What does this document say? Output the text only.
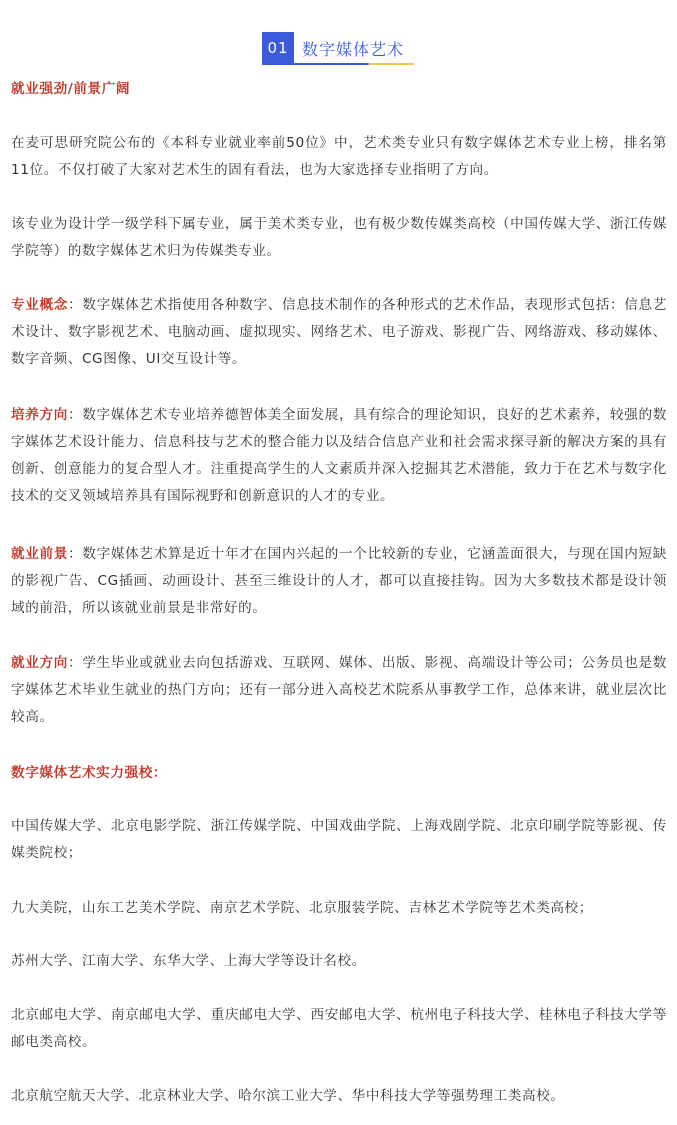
01 数字媒体艺术
就业强劲/前景广阔

在麦可思研究院公布的《本科专业就业率前50位》中，艺术类专业只有数字媒体艺术专业上榜，排名第11位。不仅打破了大家对艺术生的固有看法，也为大家选择专业指明了方向。

该专业为设计学一级学科下属专业，属于美术类专业，也有极少数传媒类高校（中国传媒大学、浙江传媒学院等）的数字媒体艺术归为传媒类专业。

专业概念：数字媒体艺术指使用各种数字、信息技术制作的各种形式的艺术作品，表现形式包括：信息艺术设计、数字影视艺术、电脑动画、虚拟现实、网络艺术、电子游戏、影视广告、网络游戏、移动媒体、数字音频、CG图像、UI交互设计等。

培养方向：数字媒体艺术专业培养德智体美全面发展，具有综合的理论知识，良好的艺术素养，较强的数字媒体艺术设计能力、信息科技与艺术的整合能力以及结合信息产业和社会需求探寻新的解决方案的具有创新、创意能力的复合型人才。注重提高学生的人文素质并深入挖掘其艺术潜能，致力于在艺术与数字化技术的交叉领域培养具有国际视野和创新意识的人才的专业。

就业前景：数字媒体艺术算是近十年才在国内兴起的一个比较新的专业，它涵盖面很大，与现在国内短缺的影视广告、CG插画、动画设计、甚至三维设计的人才，都可以直接挂钩。因为大多数技术都是设计领域的前沿，所以该就业前景是非常好的。

就业方向：学生毕业或就业去向包括游戏、互联网、媒体、出版、影视、高端设计等公司；公务员也是数字媒体艺术毕业生就业的热门方向；还有一部分进入高校艺术院系从事教学工作，总体来讲，就业层次比较高。

数字媒体艺术实力强校：

中国传媒大学、北京电影学院、浙江传媒学院、中国戏曲学院、上海戏剧学院、北京印刷学院等影视、传媒类院校；

九大美院，山东工艺美术学院、南京艺术学院、北京服装学院、吉林艺术学院等艺术类高校；

苏州大学、江南大学、东华大学、上海大学等设计名校。

北京邮电大学、南京邮电大学、重庆邮电大学、西安邮电大学、杭州电子科技大学、桂林电子科技大学等邮电类高校。

北京航空航天大学、北京林业大学、哈尔滨工业大学、华中科技大学等强势理工类高校。
